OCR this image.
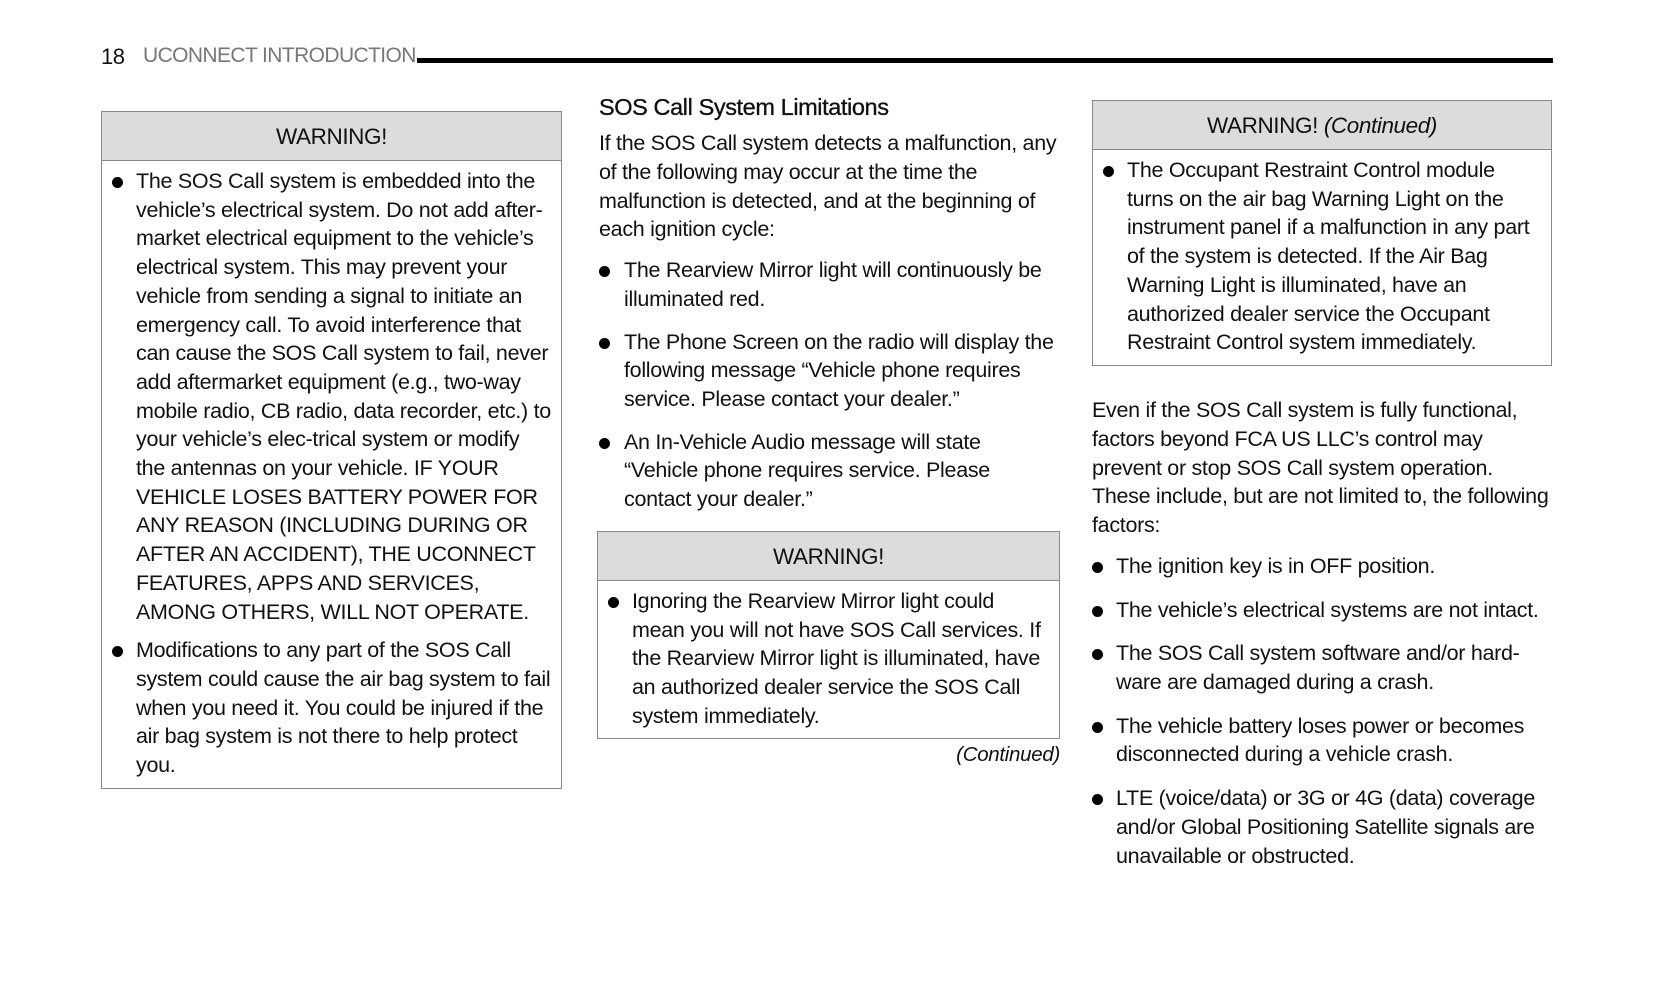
18 UCONNECT INTRODUCTION
WARNING!
The SOS Call system is embedded into the vehicle’s electrical system. Do not add after-market electrical equipment to the vehicle’s electrical system. This may prevent your vehicle from sending a signal to initiate an emergency call. To avoid interference that can cause the SOS Call system to fail, never add aftermarket equipment (e.g., two-way mobile radio, CB radio, data recorder, etc.) to your vehicle’s elec-trical system or modify the antennas on your vehicle. IF YOUR VEHICLE LOSES BATTERY POWER FOR ANY REASON (INCLUDING DURING OR AFTER AN ACCIDENT), THE UCONNECT FEATURES, APPS AND SERVICES, AMONG OTHERS, WILL NOT OPERATE.
Modifications to any part of the SOS Call system could cause the air bag system to fail when you need it. You could be injured if the air bag system is not there to help protect you.
SOS Call System Limitations

If the SOS Call system detects a malfunction, any of the following may occur at the time the malfunction is detected, and at the beginning of each ignition cycle:

The Rearview Mirror light will continuously be illuminated red.
The Phone Screen on the radio will display the following message “Vehicle phone requires service. Please contact your dealer.”
An In-Vehicle Audio message will state “Vehicle phone requires service. Please contact your dealer.”
WARNING!
Ignoring the Rearview Mirror light could mean you will not have SOS Call services. If the Rearview Mirror light is illuminated, have an authorized dealer service the SOS Call system immediately.
(Continued)
WARNING! (Continued)
The Occupant Restraint Control module turns on the air bag Warning Light on the instrument panel if a malfunction in any part of the system is detected. If the Air Bag Warning Light is illuminated, have an authorized dealer service the Occupant Restraint Control system immediately.

Even if the SOS Call system is fully functional, factors beyond FCA US LLC’s control may prevent or stop SOS Call system operation. These include, but are not limited to, the following factors:

The ignition key is in OFF position.
The vehicle’s electrical systems are not intact.
The SOS Call system software and/or hard-ware are damaged during a crash.
The vehicle battery loses power or becomes disconnected during a vehicle crash.
LTE (voice/data) or 3G or 4G (data) coverage and/or Global Positioning Satellite signals are unavailable or obstructed.
